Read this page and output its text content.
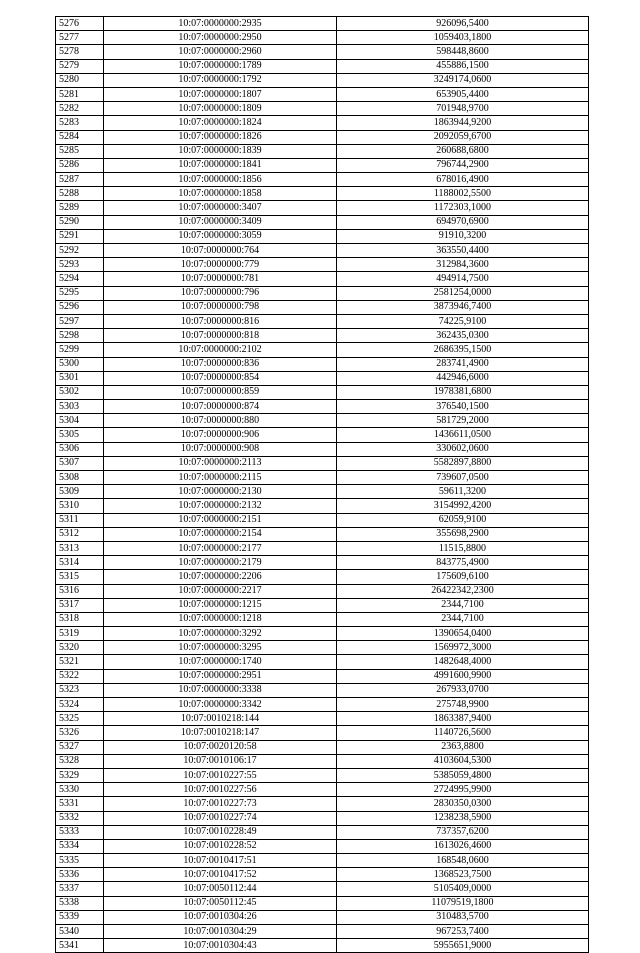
5276	10:07:0000000:2935	926096,5400
5277	10:07:0000000:2950	1059403,1800
5278	10:07:0000000:2960	598448,8600
5279	10:07:0000000:1789	455886,1500
5280	10:07:0000000:1792	3249174,0600
5281	10:07:0000000:1807	653905,4400
5282	10:07:0000000:1809	701948,9700
5283	10:07:0000000:1824	1863944,9200
5284	10:07:0000000:1826	2092059,6700
5285	10:07:0000000:1839	260688,6800
5286	10:07:0000000:1841	796744,2900
5287	10:07:0000000:1856	678016,4900
5288	10:07:0000000:1858	1188002,5500
5289	10:07:0000000:3407	1172303,1000
5290	10:07:0000000:3409	694970,6900
5291	10:07:0000000:3059	91910,3200
5292	10:07:0000000:764	363550,4400
5293	10:07:0000000:779	312984,3600
5294	10:07:0000000:781	494914,7500
5295	10:07:0000000:796	2581254,0000
5296	10:07:0000000:798	3873946,7400
5297	10:07:0000000:816	74225,9100
5298	10:07:0000000:818	362435,0300
5299	10:07:0000000:2102	2686395,1500
5300	10:07:0000000:836	283741,4900
5301	10:07:0000000:854	442946,6000
5302	10:07:0000000:859	1978381,6800
5303	10:07:0000000:874	376540,1500
5304	10:07:0000000:880	581729,2000
5305	10:07:0000000:906	1436611,0500
5306	10:07:0000000:908	330602,0600
5307	10:07:0000000:2113	5582897,8800
5308	10:07:0000000:2115	739607,0500
5309	10:07:0000000:2130	59611,3200
5310	10:07:0000000:2132	3154992,4200
5311	10:07:0000000:2151	62059,9100
5312	10:07:0000000:2154	355698,2900
5313	10:07:0000000:2177	11515,8800
5314	10:07:0000000:2179	843775,4900
5315	10:07:0000000:2206	175609,6100
5316	10:07:0000000:2217	26422342,2300
5317	10:07:0000000:1215	2344,7100
5318	10:07:0000000:1218	2344,7100
5319	10:07:0000000:3292	1390654,0400
5320	10:07:0000000:3295	1569972,3000
5321	10:07:0000000:1740	1482648,4000
5322	10:07:0000000:2951	4991600,9900
5323	10:07:0000000:3338	267933,0700
5324	10:07:0000000:3342	275748,9900
5325	10:07:0010218:144	1863387,9400
5326	10:07:0010218:147	1140726,5600
5327	10:07:0020120:58	2363,8800
5328	10:07:0010106:17	4103604,5300
5329	10:07:0010227:55	5385059,4800
5330	10:07:0010227:56	2724995,9900
5331	10:07:0010227:73	2830350,0300
5332	10:07:0010227:74	1238238,5900
5333	10:07:0010228:49	737357,6200
5334	10:07:0010228:52	1613026,4600
5335	10:07:0010417:51	168548,0600
5336	10:07:0010417:52	1368523,7500
5337	10:07:0050112:44	5105409,0000
5338	10:07:0050112:45	11079519,1800
5339	10:07:0010304:26	310483,5700
5340	10:07:0010304:29	967253,7400
5341	10:07:0010304:43	5955651,9000
